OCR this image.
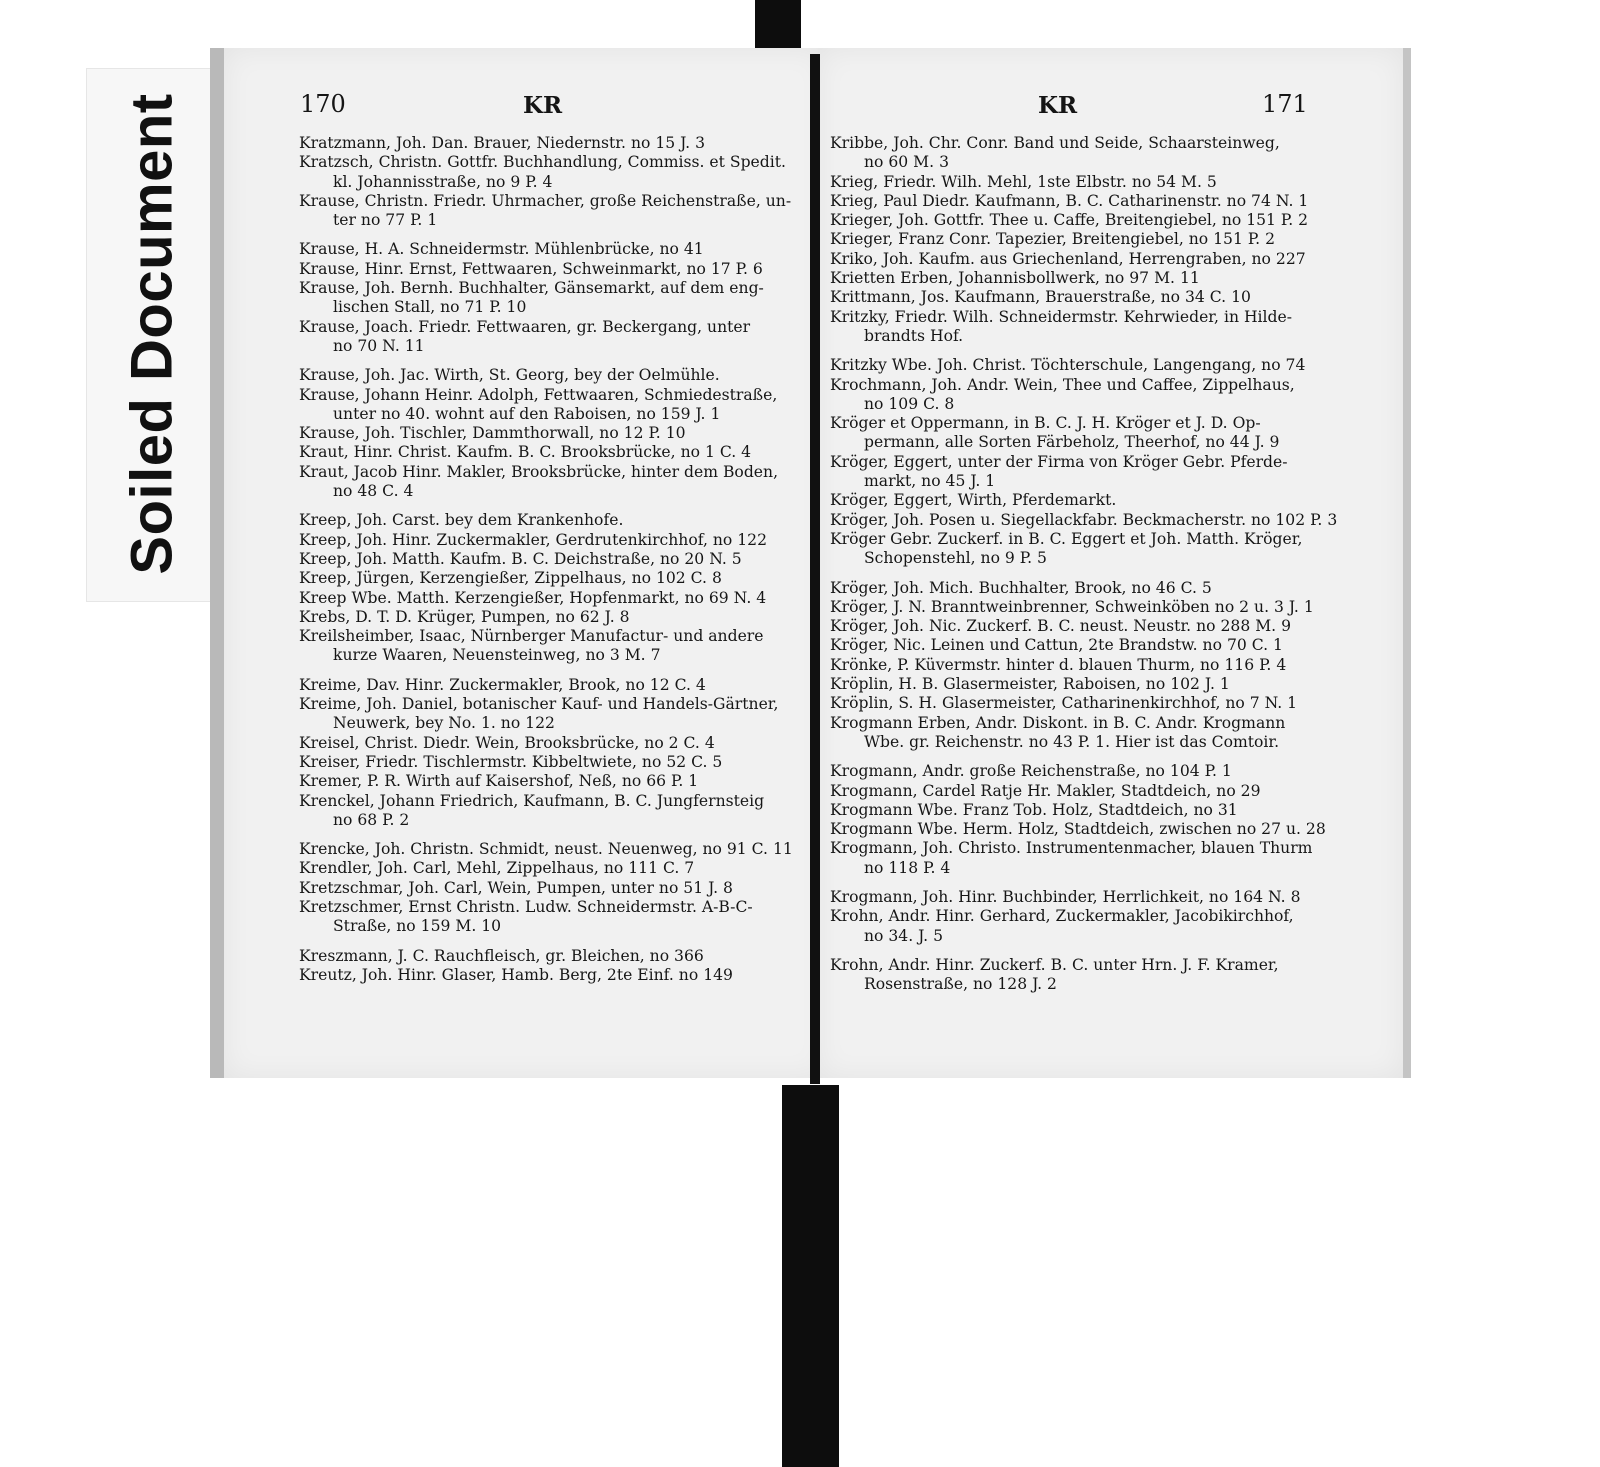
Soiled Document	170	KR	KR	171
Kratzmann, Joh. Dan. Brauer, Niedernstr. no 15 J. 3
Kratzsch, Christn. Gottfr. Buchhandlung, Commiss. et Spedit.
kl. Johannisstraße, no 9 P. 4
Krause, Christn. Friedr. Uhrmacher, große Reichenstraße, un-
ter no 77 P. 1
Krause, H. A. Schneidermstr. Mühlenbrücke, no 41
Krause, Hinr. Ernst, Fettwaaren, Schweinmarkt, no 17 P. 6
Krause, Joh. Bernh. Buchhalter, Gänsemarkt, auf dem eng-
lischen Stall, no 71 P. 10
Krause, Joach. Friedr. Fettwaaren, gr. Beckergang, unter
no 70 N. 11
Krause, Joh. Jac. Wirth, St. Georg, bey der Oelmühle.
Krause, Johann Heinr. Adolph, Fettwaaren, Schmiedestraße,
unter no 40. wohnt auf den Raboisen, no 159 J. 1
Krause, Joh. Tischler, Dammthorwall, no 12 P. 10
Kraut, Hinr. Christ. Kaufm. B. C. Brooksbrücke, no 1 C. 4
Kraut, Jacob Hinr. Makler, Brooksbrücke, hinter dem Boden,
no 48 C. 4
Kreep, Joh. Carst. bey dem Krankenhofe.
Kreep, Joh. Hinr. Zuckermakler, Gerdrutenkirchhof, no 122
Kreep, Joh. Matth. Kaufm. B. C. Deichstraße, no 20 N. 5
Kreep, Jürgen, Kerzengießer, Zippelhaus, no 102 C. 8
Kreep Wbe. Matth. Kerzengießer, Hopfenmarkt, no 69 N. 4
Krebs, D. T. D. Krüger, Pumpen, no 62 J. 8
Kreilsheimber, Isaac, Nürnberger Manufactur- und andere
kurze Waaren, Neuensteinweg, no 3 M. 7
Kreime, Dav. Hinr. Zuckermakler, Brook, no 12 C. 4
Kreime, Joh. Daniel, botanischer Kauf- und Handels-Gärtner,
Neuwerk, bey No. 1. no 122
Kreisel, Christ. Diedr. Wein, Brooksbrücke, no 2 C. 4
Kreiser, Friedr. Tischlermstr. Kibbeltwiete, no 52 C. 5
Kremer, P. R. Wirth auf Kaisershof, Neß, no 66 P. 1
Krenckel, Johann Friedrich, Kaufmann, B. C. Jungfernsteig
no 68 P. 2
Krencke, Joh. Christn. Schmidt, neust. Neuenweg, no 91 C. 11
Krendler, Joh. Carl, Mehl, Zippelhaus, no 111 C. 7
Kretzschmar, Joh. Carl, Wein, Pumpen, unter no 51 J. 8
Kretzschmer, Ernst Christn. Ludw. Schneidermstr. A-B-C-
Straße, no 159 M. 10
Kreszmann, J. C. Rauchfleisch, gr. Bleichen, no 366
Kreutz, Joh. Hinr. Glaser, Hamb. Berg, 2te Einf. no 149
Kribbe, Joh. Chr. Conr. Band und Seide, Schaarsteinweg,
no 60 M. 3
Krieg, Friedr. Wilh. Mehl, 1ste Elbstr. no 54 M. 5
Krieg, Paul Diedr. Kaufmann, B. C. Catharinenstr. no 74 N. 1
Krieger, Joh. Gottfr. Thee u. Caffe, Breitengiebel, no 151 P. 2
Krieger, Franz Conr. Tapezier, Breitengiebel, no 151 P. 2
Kriko, Joh. Kaufm. aus Griechenland, Herrengraben, no 227
Krietten Erben, Johannisbollwerk, no 97 M. 11
Krittmann, Jos. Kaufmann, Brauerstraße, no 34 C. 10
Kritzky, Friedr. Wilh. Schneidermstr. Kehrwieder, in Hilde-
brandts Hof.
Kritzky Wbe. Joh. Christ. Töchterschule, Langengang, no 74
Krochmann, Joh. Andr. Wein, Thee und Caffee, Zippelhaus,
no 109 C. 8
Kröger et Oppermann, in B. C. J. H. Kröger et J. D. Op-
permann, alle Sorten Färbeholz, Theerhof, no 44 J. 9
Kröger, Eggert, unter der Firma von Kröger Gebr. Pferde-
markt, no 45 J. 1
Kröger, Eggert, Wirth, Pferdemarkt.
Kröger, Joh. Posen u. Siegellackfabr. Beckmacherstr. no 102 P. 3
Kröger Gebr. Zuckerf. in B. C. Eggert et Joh. Matth. Kröger,
Schopenstehl, no 9 P. 5
Kröger, Joh. Mich. Buchhalter, Brook, no 46 C. 5
Kröger, J. N. Branntweinbrenner, Schweinköben no 2 u. 3 J. 1
Kröger, Joh. Nic. Zuckerf. B. C. neust. Neustr. no 288 M. 9
Kröger, Nic. Leinen und Cattun, 2te Brandstw. no 70 C. 1
Krönke, P. Küvermstr. hinter d. blauen Thurm, no 116 P. 4
Kröplin, H. B. Glasermeister, Raboisen, no 102 J. 1
Kröplin, S. H. Glasermeister, Catharinenkirchhof, no 7 N. 1
Krogmann Erben, Andr. Diskont. in B. C. Andr. Krogmann
Wbe. gr. Reichenstr. no 43 P. 1. Hier ist das Comtoir.
Krogmann, Andr. große Reichenstraße, no 104 P. 1
Krogmann, Cardel Ratje Hr. Makler, Stadtdeich, no 29
Krogmann Wbe. Franz Tob. Holz, Stadtdeich, no 31
Krogmann Wbe. Herm. Holz, Stadtdeich, zwischen no 27 u. 28
Krogmann, Joh. Christo. Instrumentenmacher, blauen Thurm
no 118 P. 4
Krogmann, Joh. Hinr. Buchbinder, Herrlichkeit, no 164 N. 8
Krohn, Andr. Hinr. Gerhard, Zuckermakler, Jacobikirchhof,
no 34. J. 5
Krohn, Andr. Hinr. Zuckerf. B. C. unter Hrn. J. F. Kramer,
Rosenstraße, no 128 J. 2
